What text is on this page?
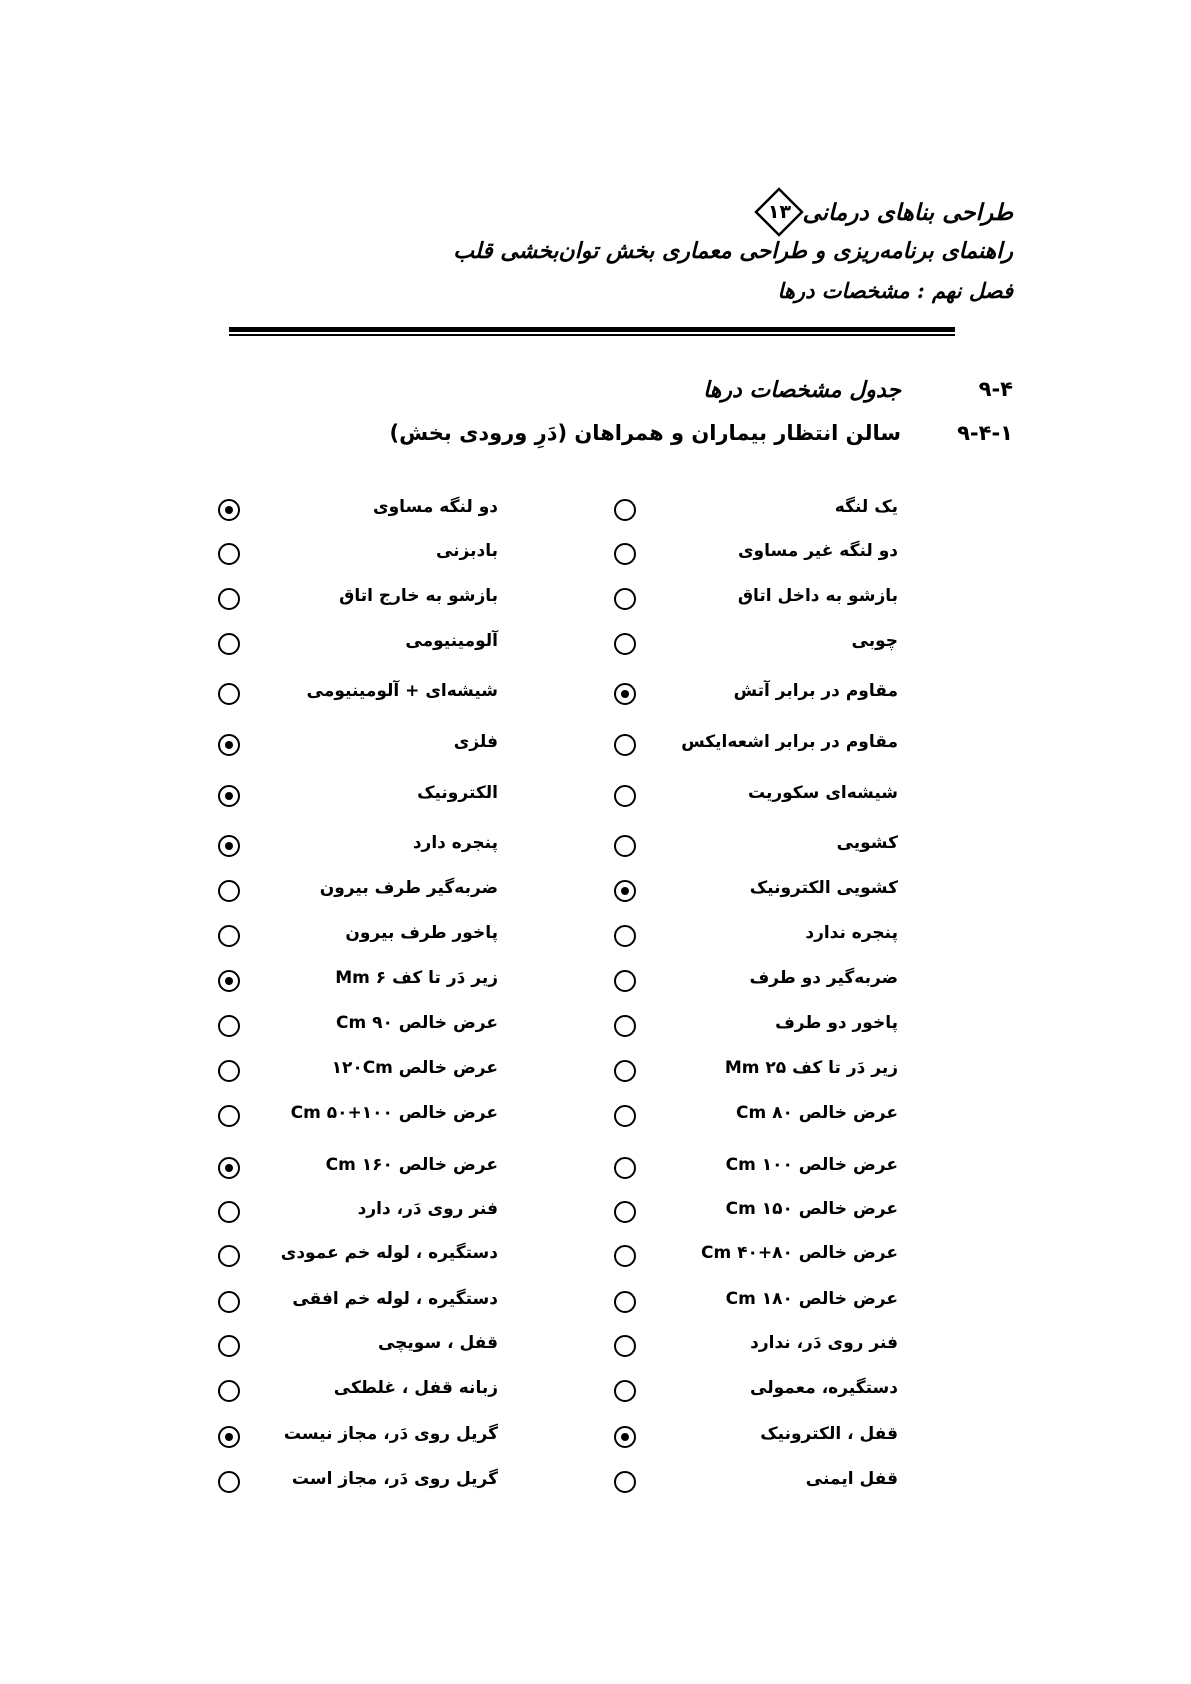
طراحی بناهای درمانی
۱۳
راهنمای برنامه‌ریزی و طراحی معماری بخش توان‌بخشی قلب
فصل نهم : مشخصات درها
۹-۴
جدول مشخصات درها
۹-۴-۱
سالن انتظار بیماران و همراهان (دَرِ ورودی بخش)
یک لنگه
دو لنگه غیر مساوی
بازشو به داخل اتاق
چوبی
مقاوم در برابر آتش
مقاوم در برابر اشعه‌ایکس
شیشه‌ای سکوریت
کشویی
کشویی الکترونیک
پنجره ندارد
ضربه‌گیر دو طرف
پاخور دو طرف
زیر دَر تا کف Mm ۲۵
عرض خالص Cm ۸۰
عرض خالص Cm ۱۰۰
عرض خالص Cm ۱۵۰
عرض خالص Cm ۴۰+۸۰
عرض خالص Cm ۱۸۰
فنر روی دَر، ندارد
دستگیره، معمولی
قفل ، الکترونیک
قفل ایمنی
دو لنگه مساوی
بادبزنی
بازشو به خارج اتاق
آلومینیومی
شیشه‌ای + آلومینیومی
فلزی
الکترونیک
پنجره دارد
ضربه‌گیر طرف بیرون
پاخور طرف بیرون
زیر دَر تا کف Mm ۶
عرض خالص Cm ۹۰
عرض خالص ۱۲۰Cm
عرض خالص Cm ۵۰+۱۰۰
عرض خالص Cm ۱۶۰
فنر روی دَر، دارد
دستگیره ، لوله خم عمودی
دستگیره ، لوله خم افقی
قفل ، سویچی
زبانه قفل ، غلطکی
گریل روی دَر، مجاز نیست
گریل روی دَر، مجاز است
